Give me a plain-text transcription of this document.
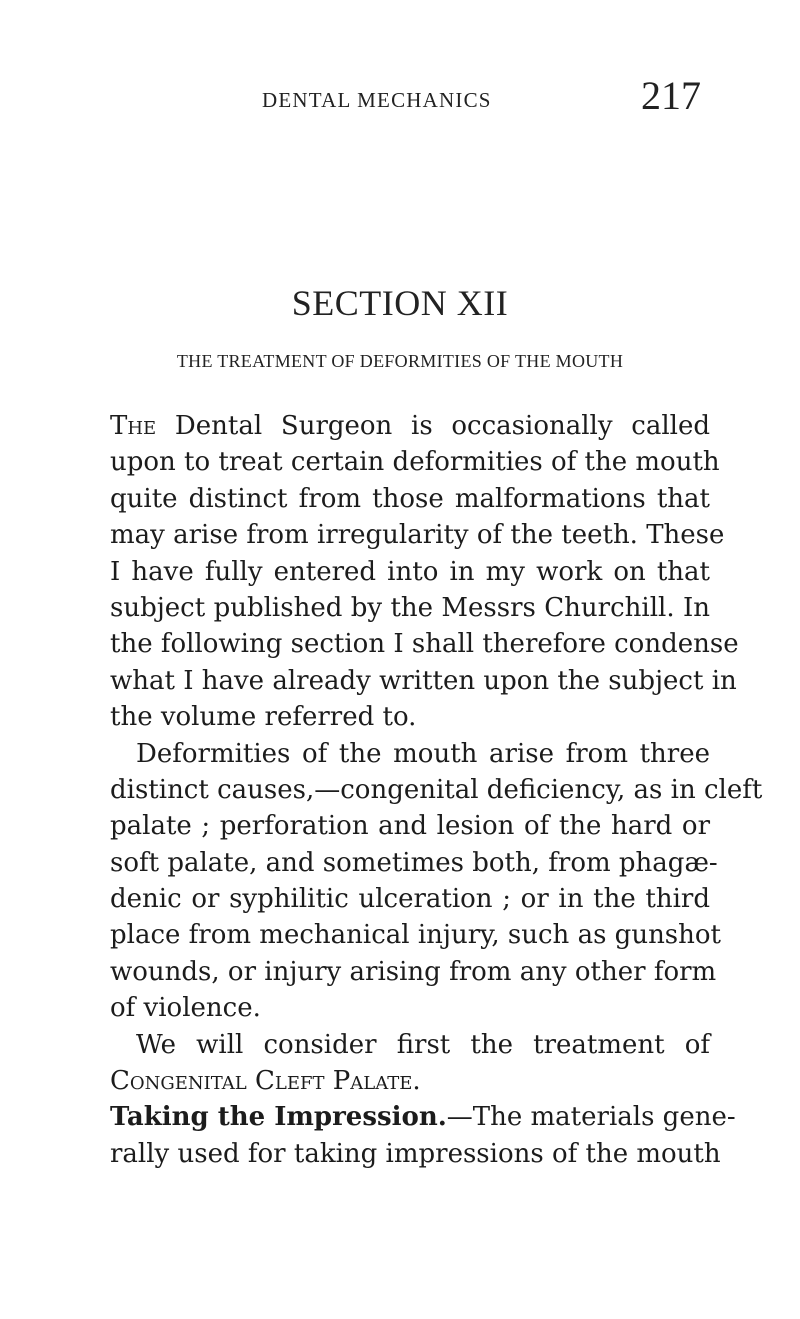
DENTAL MECHANICS	217
SECTION XII
THE TREATMENT OF DEFORMITIES OF THE MOUTH
The Dental Surgeon is occasionally called
upon to treat certain deformities of the mouth
quite distinct from those malformations that
may arise from irregularity of the teeth. These
I have fully entered into in my work on that
subject published by the Messrs Churchill. In
the following section I shall therefore condense
what I have already written upon the subject in
the volume referred to.
Deformities of the mouth arise from three
distinct causes,—congenital deficiency, as in cleft
palate ; perforation and lesion of the hard or
soft palate, and sometimes both, from phagæ-
denic or syphilitic ulceration ; or in the third
place from mechanical injury, such as gunshot
wounds, or injury arising from any other form
of violence.
We will consider first the treatment of
Congenital Cleft Palate.
Taking the Impression.—The materials gene-
rally used for taking impressions of the mouth
